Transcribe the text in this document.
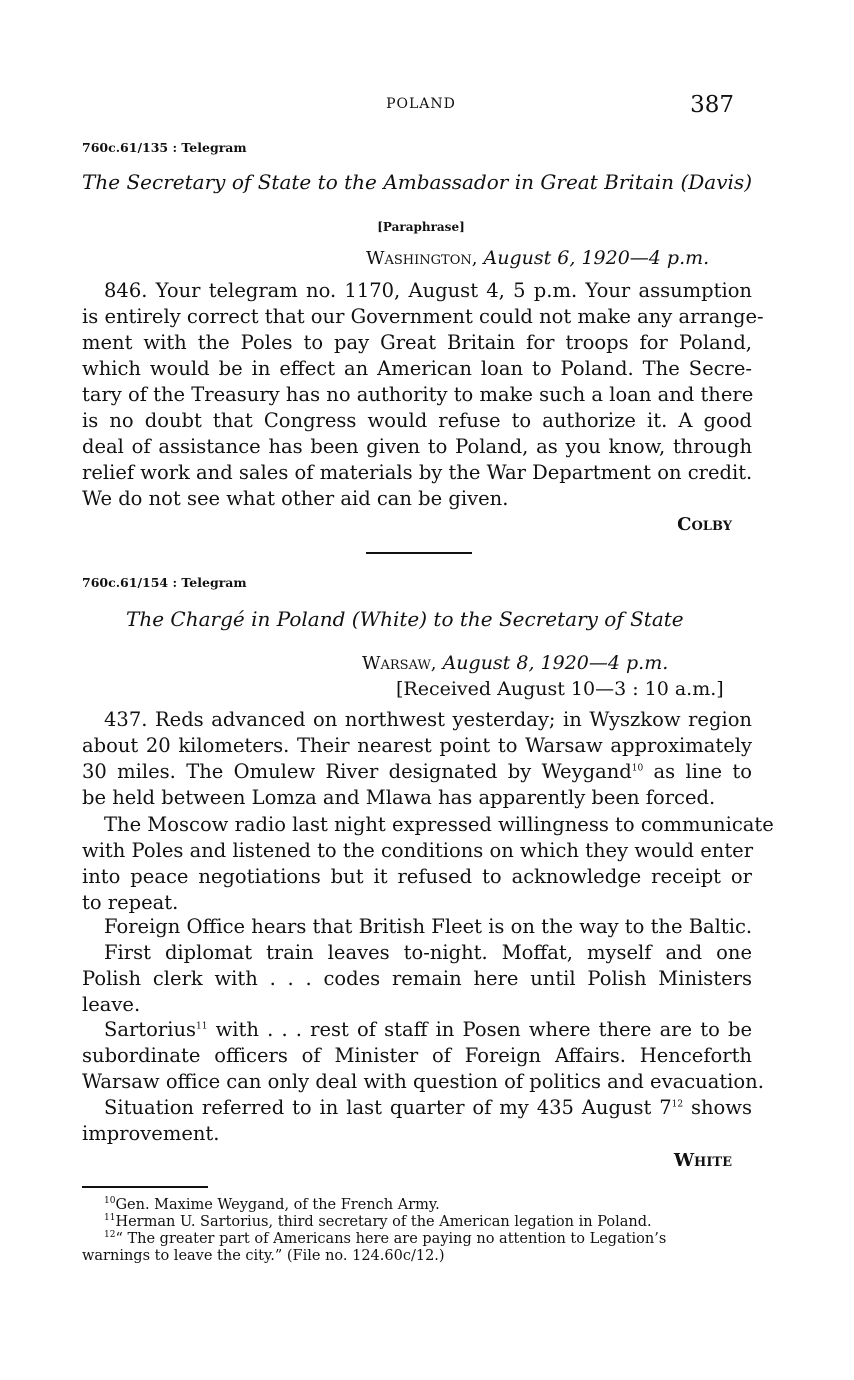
POLAND	387
760c.61/135 : Telegram
The Secretary of State to the Ambassador in Great Britain (Davis)
[Paraphrase]
Washington, August 6, 1920—4 p.m.
846. Your telegram no. 1170, August 4, 5 p.m. Your assumption
is entirely correct that our Government could not make any arrange-
ment with the Poles to pay Great Britain for troops for Poland,
which would be in effect an American loan to Poland. The Secre-
tary of the Treasury has no authority to make such a loan and there
is no doubt that Congress would refuse to authorize it. A good
deal of assistance has been given to Poland, as you know, through
relief work and sales of materials by the War Department on credit.
We do not see what other aid can be given.
Colby
760c.61/154 : Telegram
The Chargé in Poland (White) to the Secretary of State
Warsaw, August 8, 1920—4 p.m.
[Received August 10—3 : 10 a.m.]
437. Reds advanced on northwest yesterday; in Wyszkow region
about 20 kilometers. Their nearest point to Warsaw approximately
30 miles. The Omulew River designated by Weygand$^{10}$ as line to
be held between Lomza and Mlawa has apparently been forced.
The Moscow radio last night expressed willingness to communicate
with Poles and listened to the conditions on which they would enter
into peace negotiations but it refused to acknowledge receipt or
to repeat.
Foreign Office hears that British Fleet is on the way to the Baltic.
First diplomat train leaves to-night. Moffat, myself and one
Polish clerk with . . . codes remain here until Polish Ministers
leave.
Sartorius$^{11}$ with . . . rest of staff in Posen where there are to be
subordinate officers of Minister of Foreign Affairs. Henceforth
Warsaw office can only deal with question of politics and evacuation.
Situation referred to in last quarter of my 435 August $7^{12}$ shows
improvement.
White
$^{10}$Gen. Maxime Weygand, of the French Army.
$^{11}$Herman U. Sartorius, third secretary of the American legation in Poland.
$^{12}$“ The greater part of Americans here are paying no attention to Legation’s
warnings to leave the city.” (File no. 124.60c/12.)
